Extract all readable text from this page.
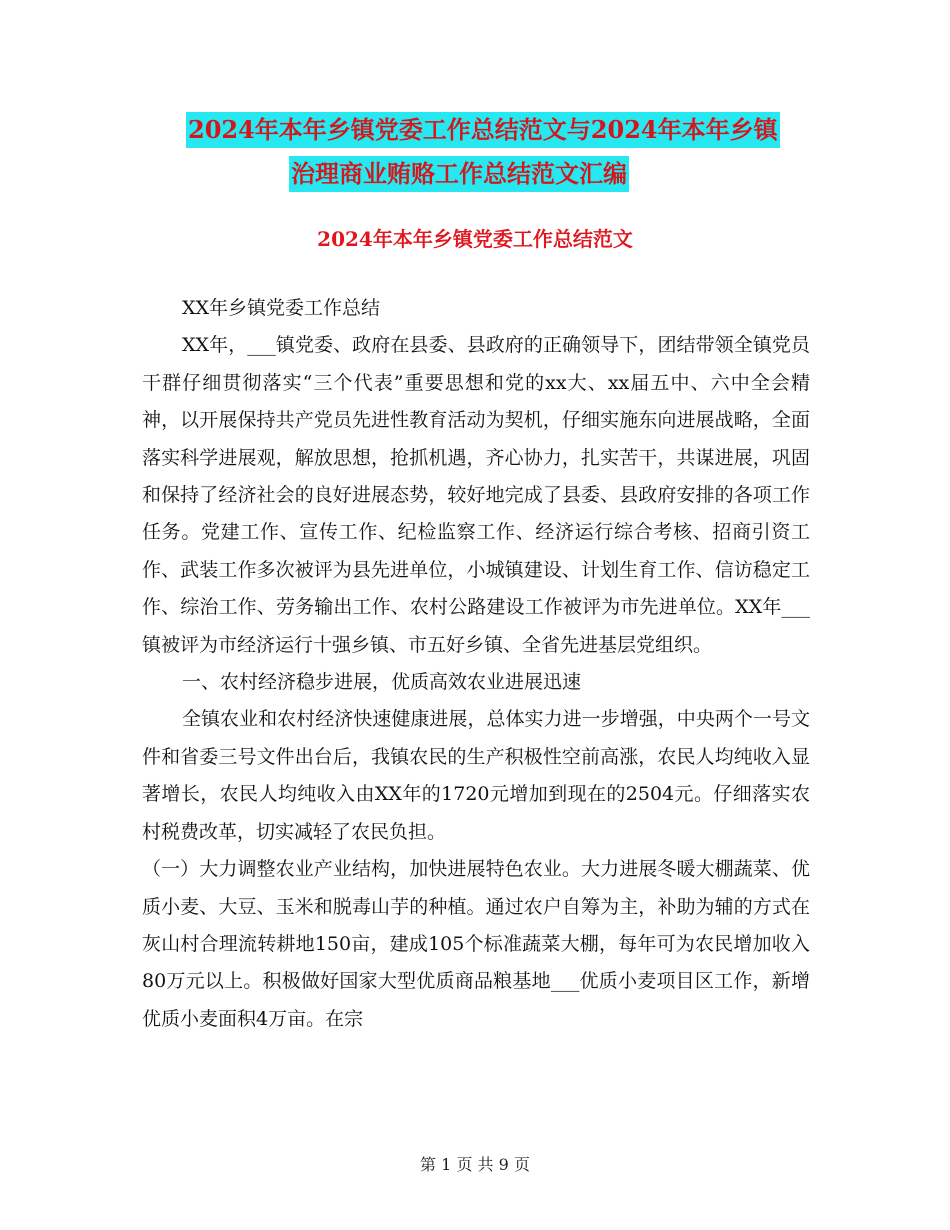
2024年本年乡镇党委工作总结范文与2024年本年乡镇
治理商业贿赂工作总结范文汇编
2024年本年乡镇党委工作总结范文

XX年乡镇党委工作总结

XX年，___镇党委、政府在县委、县政府的正确领导下，团结带领全镇党员干群仔细贯彻落实“三个代表”重要思想和党的xx大、xx届五中、六中全会精神，以开展保持共产党员先进性教育活动为契机，仔细实施东向进展战略，全面落实科学进展观，解放思想，抢抓机遇，齐心协力，扎实苦干，共谋进展，巩固和保持了经济社会的良好进展态势，较好地完成了县委、县政府安排的各项工作任务。党建工作、宣传工作、纪检监察工作、经济运行综合考核、招商引资工作、武装工作多次被评为县先进单位，小城镇建设、计划生育工作、信访稳定工作、综治工作、劳务输出工作、农村公路建设工作被评为市先进单位。XX年___镇被评为市经济运行十强乡镇、市五好乡镇、全省先进基层党组织。

一、农村经济稳步进展，优质高效农业进展迅速

全镇农业和农村经济快速健康进展，总体实力进一步增强，中央两个一号文件和省委三号文件出台后，我镇农民的生产积极性空前高涨，农民人均纯收入显著增长，农民人均纯收入由XX年的1720元增加到现在的2504元。仔细落实农村税费改革，切实减轻了农民负担。

（一）大力调整农业产业结构，加快进展特色农业。大力进展冬暖大棚蔬菜、优质小麦、大豆、玉米和脱毒山芋的种植。通过农户自筹为主，补助为辅的方式在灰山村合理流转耕地150亩，建成105个标准蔬菜大棚，每年可为农民增加收入80万元以上。积极做好国家大型优质商品粮基地___优质小麦项目区工作，新增优质小麦面积4万亩。在宗

第 1 页 共 9 页
